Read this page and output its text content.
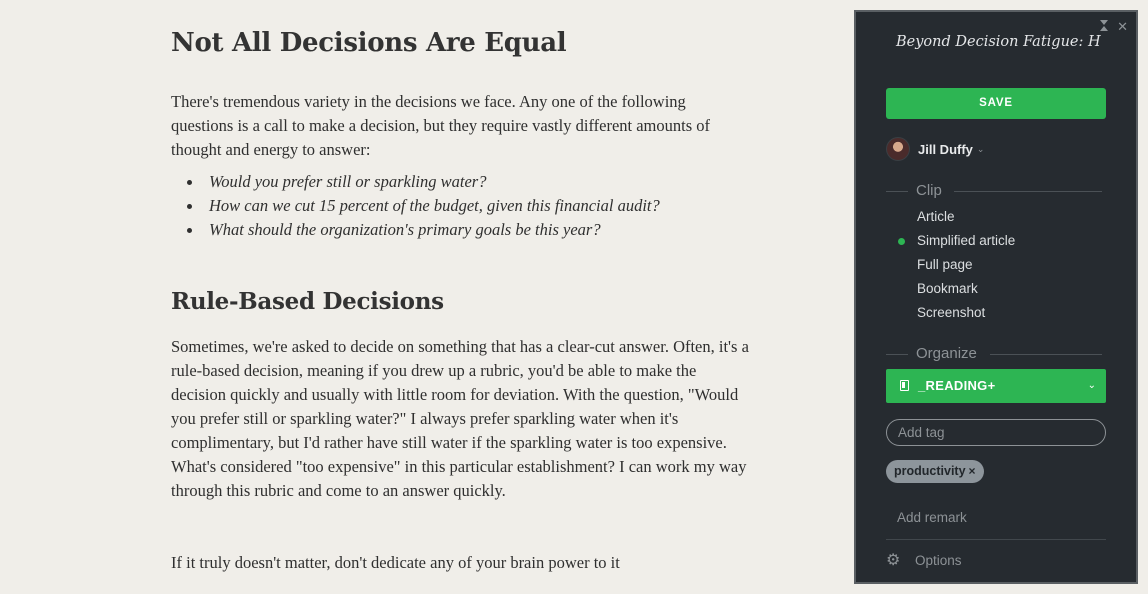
Not All Decisions Are Equal

There's tremendous variety in the decisions we face. Any one of the following questions is a call to make a decision, but they require vastly different amounts of thought and energy to answer:

Would you prefer still or sparkling water?
How can we cut 15 percent of the budget, given this financial audit?
What should the organization's primary goals be this year?
Rule-Based Decisions

Sometimes, we're asked to decide on something that has a clear-cut answer. Often, it's a rule-based decision, meaning if you drew up a rubric, you'd be able to make the decision quickly and usually with little room for deviation. With the question, "Would you prefer still or sparkling water?" I always prefer sparkling water when it's complimentary, but I'd rather have still water if the sparkling water is too expensive. What's considered "too expensive" in this particular establishment? I can work my way through this rubric and come to an answer quickly.

If it truly doesn't matter, don't dedicate any of your brain power to it

Beyond Decision Fatigue: H
✕
SAVE
Jill Duffy ⌄
Clip
Article
Simplified article
Full page
Bookmark
Screenshot
Organize
_READING+	⌄
Add tag
productivity ×
Add remark
⚙	Options
